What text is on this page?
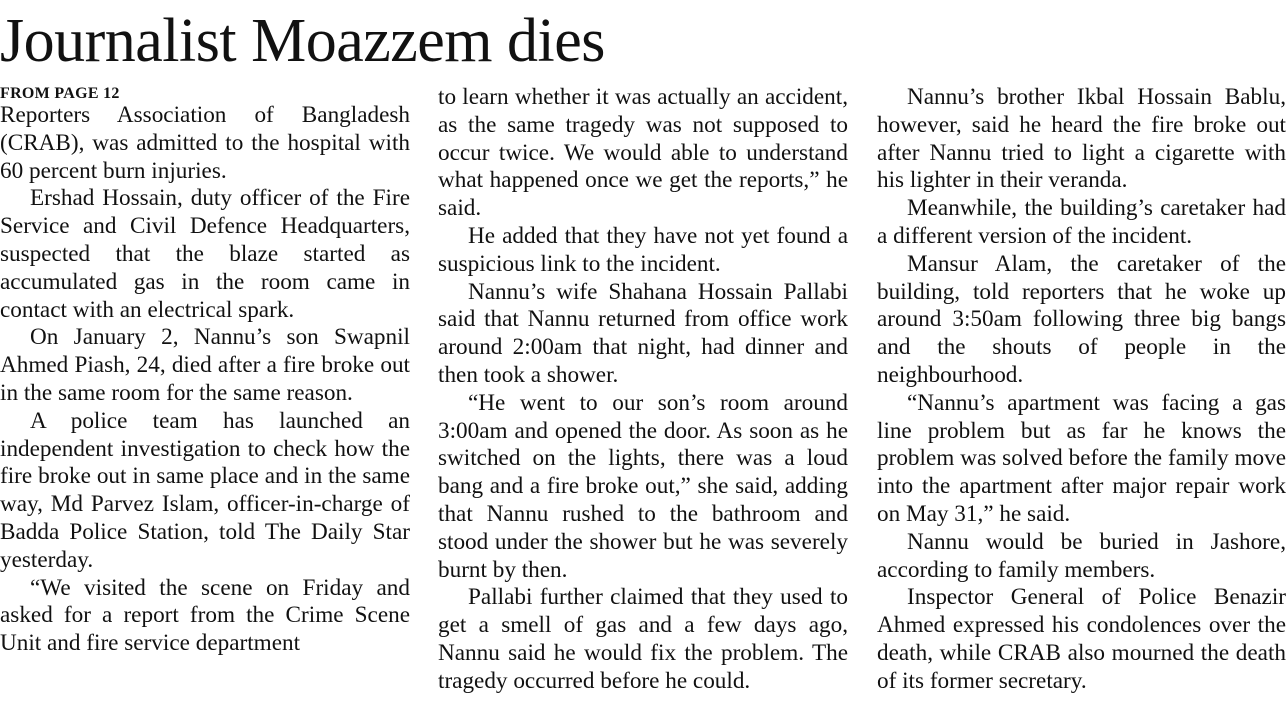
Journalist Moazzem dies
FROM PAGE 12

Reporters Association of Bangladesh (CRAB), was admitted to the hospital with 60 percent burn injuries.

Ershad Hossain, duty officer of the Fire Service and Civil Defence Headquarters, suspected that the blaze started as accumulated gas in the room came in contact with an electrical spark.

On January 2, Nannu’s son Swapnil Ahmed Piash, 24, died after a fire broke out in the same room for the same reason.

A police team has launched an independent investigation to check how the fire broke out in same place and in the same way, Md Parvez Islam, officer-in-charge of Badda Police Station, told The Daily Star yesterday.

“We visited the scene on Friday and asked for a report from the Crime Scene Unit and fire service department

to learn whether it was actually an accident, as the same tragedy was not supposed to occur twice. We would able to understand what happened once we get the reports,” he said.

He added that they have not yet found a suspicious link to the incident.

Nannu’s wife Shahana Hossain Pallabi said that Nannu returned from office work around 2:00am that night, had dinner and then took a shower.

“He went to our son’s room around 3:00am and opened the door. As soon as he switched on the lights, there was a loud bang and a fire broke out,” she said, adding that Nannu rushed to the bathroom and stood under the shower but he was severely burnt by then.

Pallabi further claimed that they used to get a smell of gas and a few days ago, Nannu said he would fix the problem. The tragedy occurred before he could.

Nannu’s brother Ikbal Hossain Bablu, however, said he heard the fire broke out after Nannu tried to light a cigarette with his lighter in their veranda.

Meanwhile, the building’s caretaker had a different version of the incident.

Mansur Alam, the caretaker of the building, told reporters that he woke up around 3:50am following three big bangs and the shouts of people in the neighbourhood.

“Nannu’s apartment was facing a gas line problem but as far he knows the problem was solved before the family move into the apartment after major repair work on May 31,” he said.

Nannu would be buried in Jashore, according to family members.

Inspector General of Police Benazir Ahmed expressed his condolences over the death, while CRAB also mourned the death of its former secretary.
